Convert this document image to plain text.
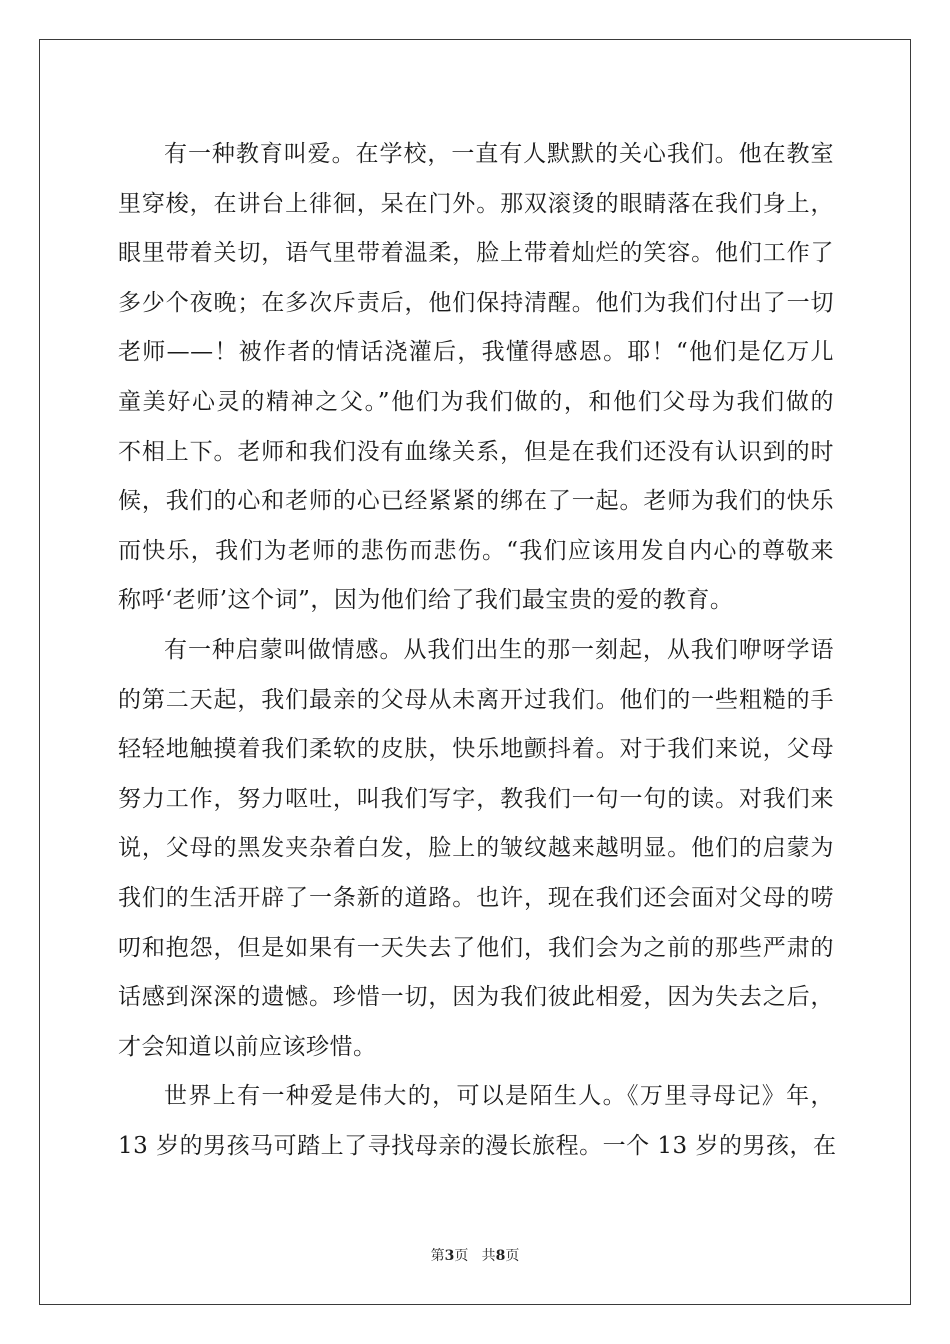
有一种教育叫爱。在学校，一直有人默默的关心我们。他在教室
里穿梭，在讲台上徘徊，呆在门外。那双滚烫的眼睛落在我们身上，
眼里带着关切，语气里带着温柔，脸上带着灿烂的笑容。他们工作了
多少个夜晚；在多次斥责后，他们保持清醒。他们为我们付出了一切
老师——！被作者的情话浇灌后，我懂得感恩。耶！“他们是亿万儿
童美好心灵的精神之父。”他们为我们做的，和他们父母为我们做的
不相上下。老师和我们没有血缘关系，但是在我们还没有认识到的时
候，我们的心和老师的心已经紧紧的绑在了一起。老师为我们的快乐
而快乐，我们为老师的悲伤而悲伤。“我们应该用发自内心的尊敬来
称呼‘老师’这个词”，因为他们给了我们最宝贵的爱的教育。
有一种启蒙叫做情感。从我们出生的那一刻起，从我们咿呀学语
的第二天起，我们最亲的父母从未离开过我们。他们的一些粗糙的手
轻轻地触摸着我们柔软的皮肤，快乐地颤抖着。对于我们来说，父母
努力工作，努力呕吐，叫我们写字，教我们一句一句的读。对我们来
说，父母的黑发夹杂着白发，脸上的皱纹越来越明显。他们的启蒙为
我们的生活开辟了一条新的道路。也许，现在我们还会面对父母的唠
叨和抱怨，但是如果有一天失去了他们，我们会为之前的那些严肃的
话感到深深的遗憾。珍惜一切，因为我们彼此相爱，因为失去之后，
才会知道以前应该珍惜。
世界上有一种爱是伟大的，可以是陌生人。《万里寻母记》年，
13 岁的男孩马可踏上了寻找母亲的漫长旅程。一个 13 岁的男孩，在
第3页 共8页
